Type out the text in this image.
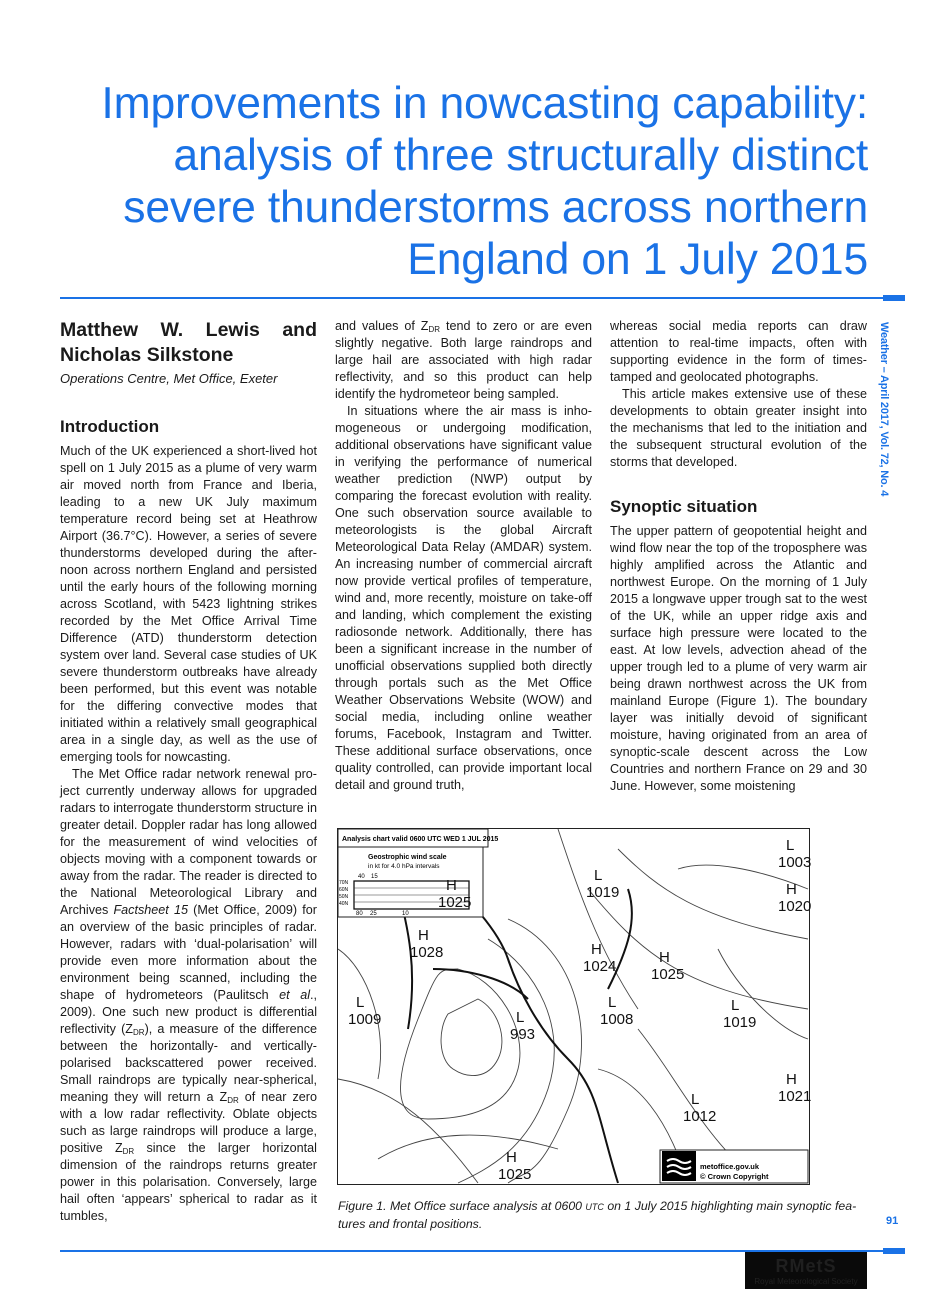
Improvements in nowcasting capability: analysis of three structurally distinct severe thunderstorms across northern England on 1 July 2015
Weather – April 2017, Vol. 72, No. 4
Matthew W. Lewis and Nicholas Silkstone
Operations Centre, Met Office, Exeter
Introduction

Much of the UK experienced a short-lived hot spell on 1 July 2015 as a plume of very warm air moved north from France and Iberia, leading to a new UK July maximum temperature record being set at Heathrow Airport (36.7°C). However, a series of severe thunderstorms developed during the afternoon across northern England and persisted until the early hours of the following morning across Scotland, with 5423 lightning strikes recorded by the Met Office Arrival Time Difference (ATD) thunderstorm detection system over land. Several case studies of UK severe thunderstorm outbreaks have already been performed, but this event was notable for the differing convective modes that initiated within a relatively small geographical area in a single day, as well as the use of emerging tools for nowcasting.

The Met Office radar network renewal project currently underway allows for upgraded radars to interrogate thunderstorm structure in greater detail. Doppler radar has long allowed for the measurement of wind velocities of objects moving with a component towards or away from the radar. The reader is directed to the National Meteorological Library and Archives Factsheet 15 (Met Office, 2009) for an overview of the basic principles of radar. However, radars with ‘dual-polarisation’ will provide even more information about the environment being scanned, including the shape of hydrometeors (Paulitsch et al., 2009). One such new product is differential reflectivity $(Z_{DR})$, a measure of the difference between the horizontally- and vertically-polarised backscattered power received. Small raindrops are typically near-spherical, meaning they will return a $Z_{DR}$ of near zero with a low radar reflectivity. Oblate objects such as large raindrops will produce a large, positive $Z_{DR}$ since the larger horizontal dimension of the raindrops returns greater power in this polarisation. Conversely, large hail often ‘appears’ spherical to radar as it tumbles,

and values of $Z_{DR}$ tend to zero or are even slightly negative. Both large raindrops and large hail are associated with high radar reflectivity, and so this product can help identify the hydrometeor being sampled.

In situations where the air mass is inhomogeneous or undergoing modification, additional observations have significant value in verifying the performance of numerical weather prediction (NWP) output by comparing the forecast evolution with reality. One such observation source available to meteorologists is the global Aircraft Meteorological Data Relay (AMDAR) system. An increasing number of commercial aircraft now provide vertical profiles of temperature, wind and, more recently, moisture on take-off and landing, which complement the existing radiosonde network. Additionally, there has been a significant increase in the number of unofficial observations supplied both directly through portals such as the Met Office Weather Observations Website (WOW) and social media, including online weather forums, Facebook, Instagram and Twitter. These additional surface observations, once quality controlled, can provide important local detail and ground truth,

whereas social media reports can draw attention to real-time impacts, often with supporting evidence in the form of timestamped and geolocated photographs.

This article makes extensive use of these developments to obtain greater insight into the mechanisms that led to the initiation and the subsequent structural evolution of the storms that developed.

Synoptic situation

The upper pattern of geopotential height and wind flow near the top of the troposphere was highly amplified across the Atlantic and northwest Europe. On the morning of 1 July 2015 a longwave upper trough sat to the west of the UK, while an upper ridge axis and surface high pressure were located to the east. At low levels, advection ahead of the upper trough led to a plume of very warm air being drawn northwest across the UK from mainland Europe (Figure 1). The boundary layer was initially devoid of significant moisture, having originated from an area of synoptic-scale descent across the Low Countries and northern France on 29 and 30 June. However, some moistening

Analysis chart valid 0600 UTC WED 1 JUL 2015
Geostrophic wind scale
in kt for 4.0 hPa intervals
40 15
70N
60N
50N
40N
80 25	10
H
1025
L
1019
L
1003
H
1020
H
1028	H
1024
H
1025
L
1009	L
993
L
1008
L
1019
H
1021
L
1012
H
1025	metoffice.gov.uk
© Crown Copyright
Figure 1. Met Office surface analysis at 0600 UTC on 1 July 2015 highlighting main synoptic features and frontal positions.	91
RMetS
Royal Meteorological Society
